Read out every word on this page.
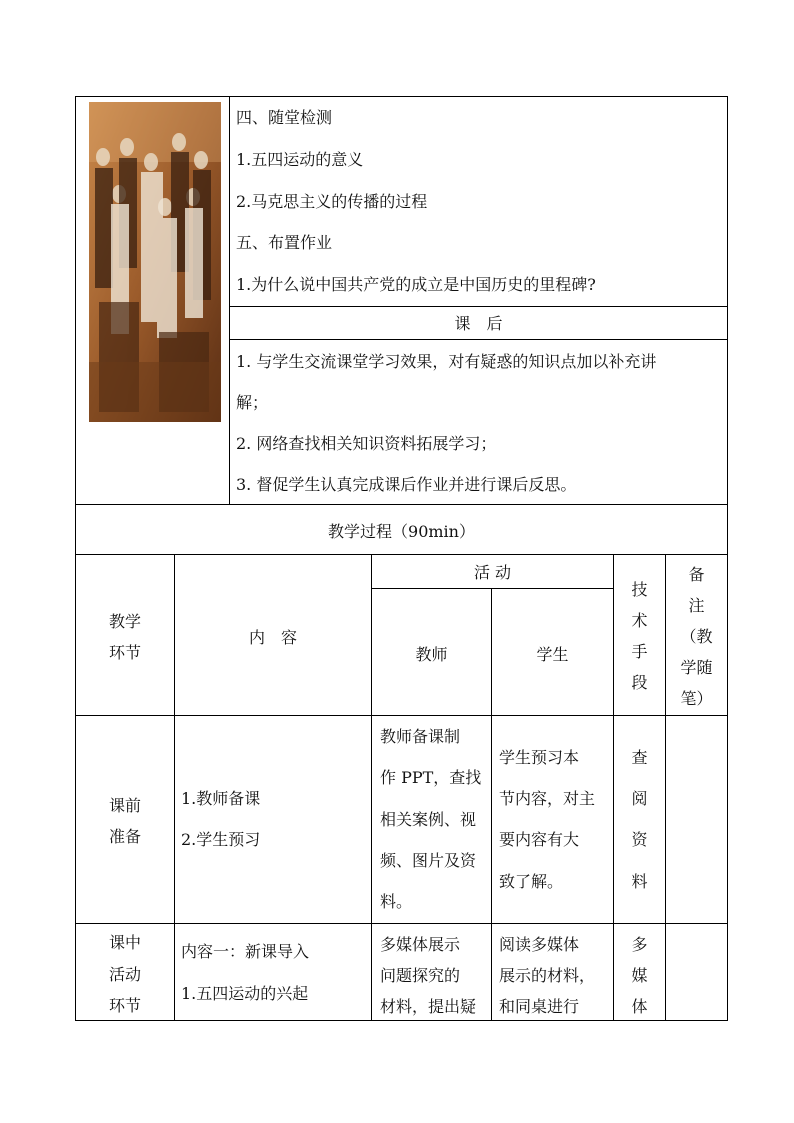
四、随堂检测
1.五四运动的意义
2.马克思主义的传播的过程
五、布置作业
1.为什么说中国共产党的成立是中国历史的里程碑?
课　后
1. 与学生交流课堂学习效果，对有疑惑的知识点加以补充讲
解；
2. 网络查找相关知识资料拓展学习；
3. 督促学生认真完成课后作业并进行课后反思。
教学过程（90min）
教学
环节
内　容
活 动
教师	学生
技
术
手
段
备
注
（教
学随
笔）
课前
准备
1.教师备课
2.学生预习
教师备课制
作 PPT，查找
相关案例、视
频、图片及资
料。
学生预习本
节内容，对主
要内容有大
致了解。
查
阅
资
料
课中
活动
环节
内容一：新课导入
1.五四运动的兴起
多媒体展示
问题探究的
材料，提出疑
阅读多媒体
展示的材料，
和同桌进行
多
媒
体
